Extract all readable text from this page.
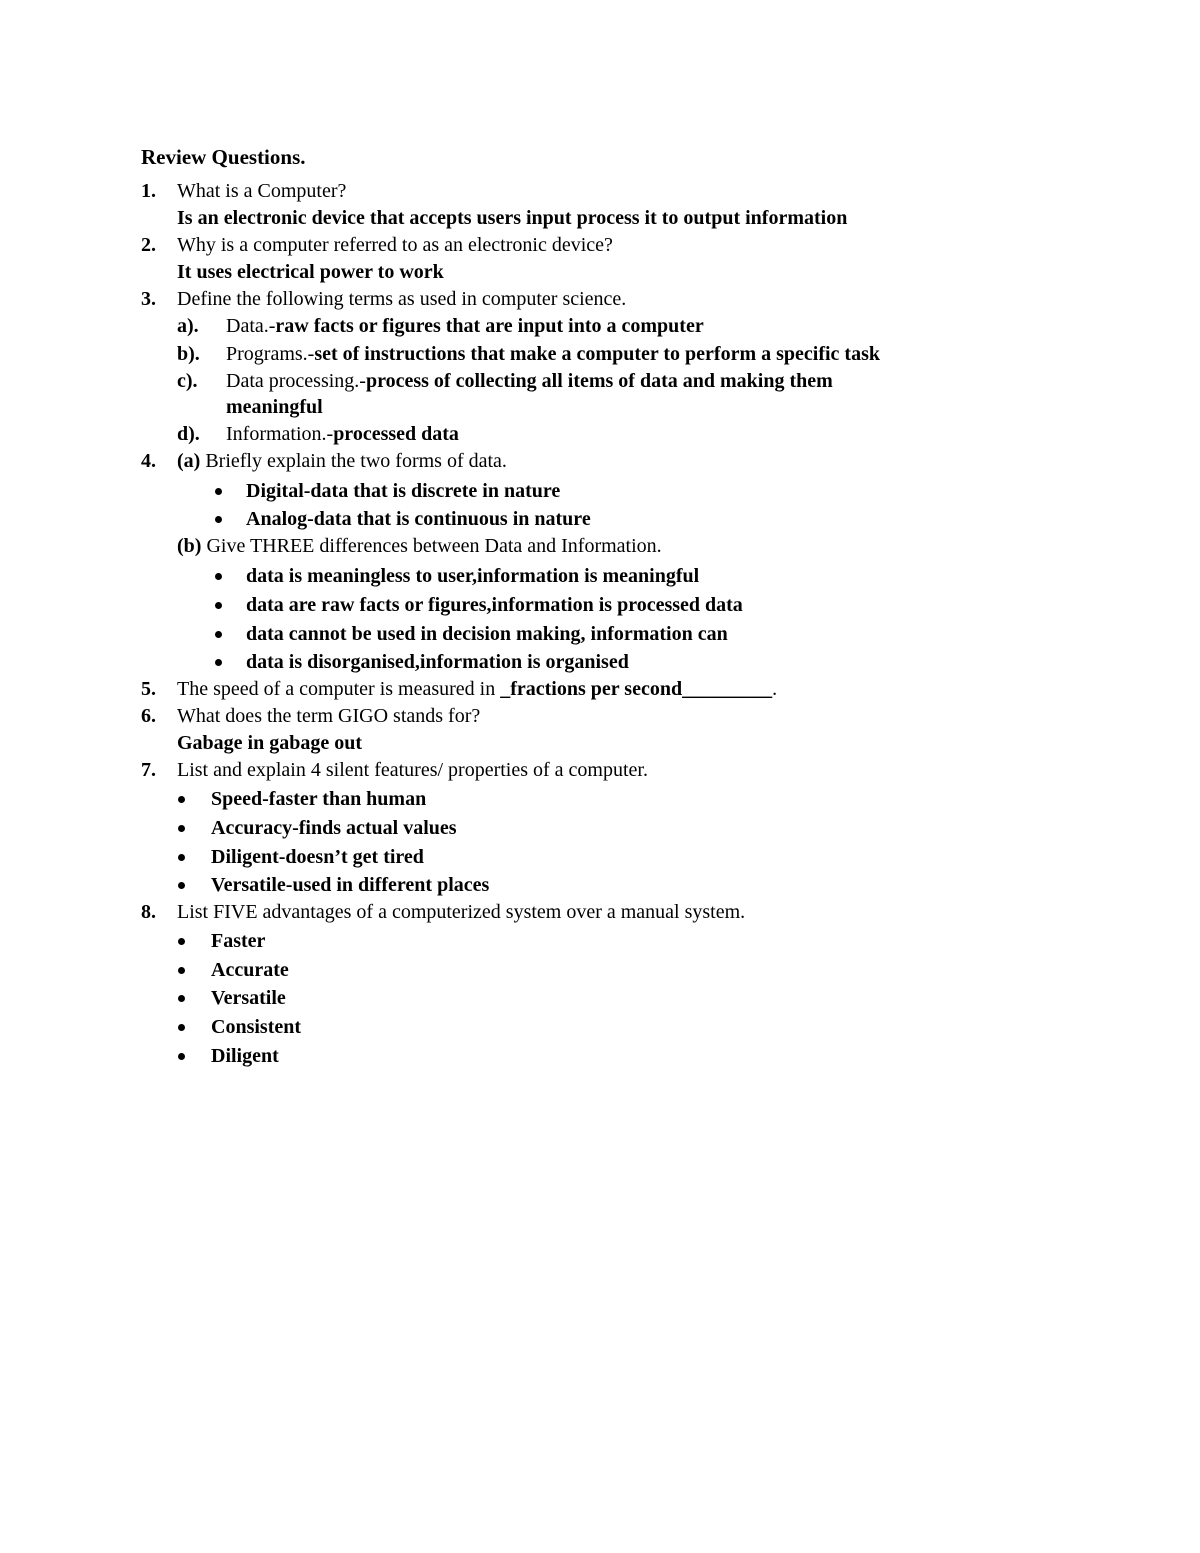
Review Questions.
1. What is a Computer?
Is an electronic device that accepts users input process it to output information
2. Why is a computer referred to as an electronic device?
It uses electrical power to work
3. Define the following terms as used in computer science.
a). Data.-raw facts or figures that are input into a computer
b). Programs.-set of instructions that make a computer to perform a specific task
c). Data processing.-process of collecting all items of data and making them
meaningful
d). Information.-processed data
4. (a) Briefly explain the two forms of data.
Digital-data that is discrete in nature
Analog-data that is continuous in nature
(b) Give THREE differences between Data and Information.
data is meaningless to user,information is meaningful
data are raw facts or figures,information is processed data
data cannot be used in decision making, information can
data is disorganised,information is organised
5. The speed of a computer is measured in _fractions per second_________.
6. What does the term GIGO stands for?
Gabage in gabage out
7. List and explain 4 silent features/ properties of a computer.
Speed-faster than human
Accuracy-finds actual values
Diligent-doesn’t get tired
Versatile-used in different places
8. List FIVE advantages of a computerized system over a manual system.
Faster
Accurate
Versatile
Consistent
Diligent
